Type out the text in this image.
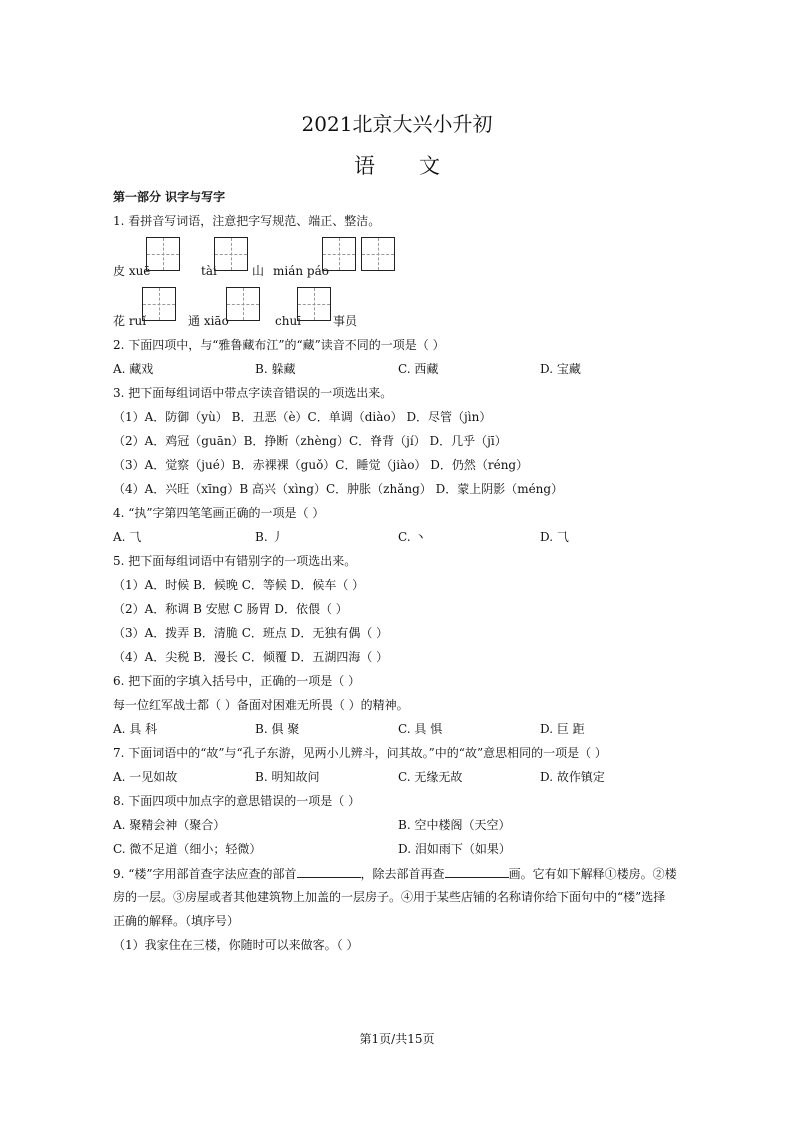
2021北京大兴小升初
语 文
第一部分 识字与写字
1. 看拼音写词语，注意把字写规范、端正、整洁。
皮 xuē	tài	山 mián páo
花 ruǐ	通 xiāo	chuī	事员
2. 下面四项中，与“雅鲁藏布江”的“藏”读音不同的一项是（ ）
A. 藏戏	B. 躲藏	C. 西藏	D. 宝藏
3. 把下面每组词语中带点字读音错误的一项选出来。
（1）A．防御（yù） B．丑恶（è）C．单调（diào） D．尽管（jìn）
（2）A．鸡冠（guān）B．挣断（zhèng）C．脊背（jí） D．几乎（jī）
（3）A．觉察（jué）B．赤裸裸（guǒ）C．睡觉（jiào） D．仍然（réng）
（4）A．兴旺（xīng）B 高兴（xìng）C．肿胀（zhǎng） D．蒙上阴影（méng）
4. “执”字第四笔笔画正确的一项是（ ）
A. ⺄	B. 丿	C. 丶	D. ⺄
5. 把下面每组词语中有错别字的一项选出来。
（1）A．时候 B．候晚 C．等候 D．候车（ ）
（2）A．称调 B 安慰 C 肠胃 D．依偎（ ）
（3）A．拨弄 B．清脆 C．班点 D．无独有偶（ ）
（4）A．尖税 B．漫长 C．倾覆 D．五湖四海（ ）
6. 把下面的字填入括号中，正确的一项是（ ）
每一位红军战士都（ ）备面对困难无所畏（ ）的精神。
A. 具 科	B. 俱 聚	C. 具 惧	D. 巨 距
7. 下面词语中的“故”与“孔子东游，见两小儿辨斗，问其故。”中的“故”意思相同的一项是（ ）
A. 一见如故	B. 明知故问	C. 无缘无故	D. 故作镇定
8. 下面四项中加点字的意思错误的一项是（ ）
A. 聚精会神（聚合）	B. 空中楼阁（天空）
C. 微不足道（细小；轻微）	D. 泪如雨下（如果）
9. “楼”字用部首查字法应查的部首	，除去部首再查	画。它有如下解释①楼房。②楼
房的一层。③房屋或者其他建筑物上加盖的一层房子。④用于某些店铺的名称请你给下面句中的“楼”选择
正确的解释。（填序号）
（1）我家住在三楼，你随时可以来做客。（ ）
第1页/共15页
